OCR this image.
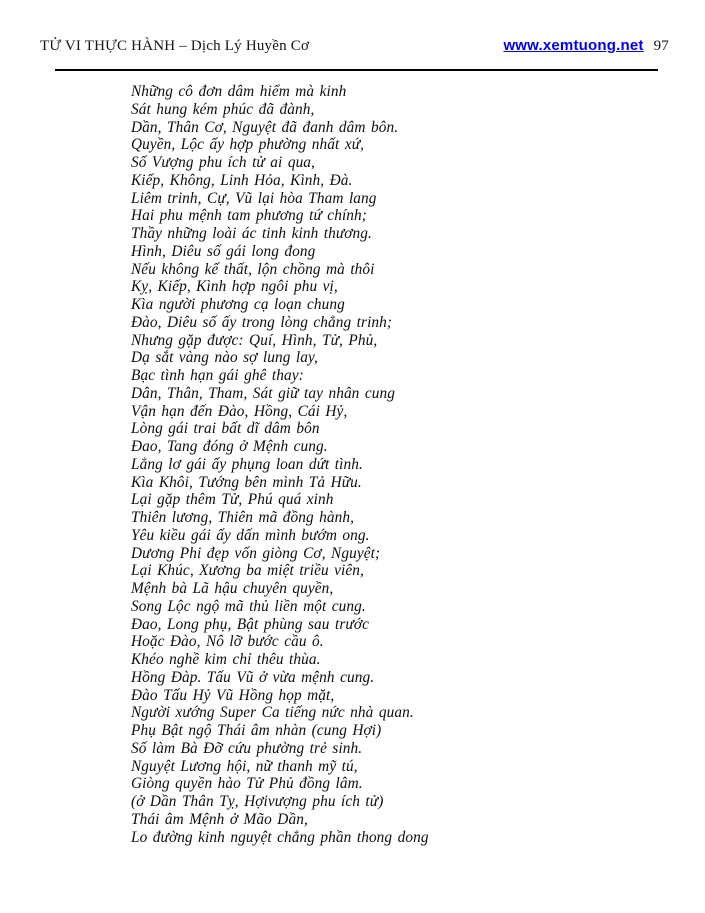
TỬ VI THỰC HÀNH – Dịch Lý Huyền Cơ	www.xemtuong.net 97
Những cô đơn dâm hiểm mà kinh
Sát hung kém phúc đã đành,
Dần, Thân Cơ, Nguyệt đã đanh dâm bôn.
Quyền, Lộc ấy hợp phường nhất xứ,
Số Vượng phu ích tử ai qua,
Kiếp, Không, Linh Hỏa, Kình, Đà.
Liêm trinh, Cự, Vũ lại hòa Tham lang
Hai phu mệnh tam phương tứ chính;
Thầy những loài ác tinh kinh thương.
Hình, Diêu số gái long đong
Nếu không kế thất, lộn chồng mà thôi
Kỵ, Kiếp, Kình hợp ngôi phu vị,
Kìa người phương cạ loạn chung
Đào, Diêu số ấy trong lòng chẳng trinh;
Nhưng gặp được: Quí, Hình, Tử, Phủ,
Dạ sắt vàng nào sợ lung lay,
Bạc tình hạn gái ghê thay:
Dân, Thân, Tham, Sát giữ tay nhân cung
Vận hạn đến Đào, Hồng, Cái Hỷ,
Lòng gái trai bất dĩ dâm bôn
Đao, Tang đóng ở Mệnh cung.
Lẳng lơ gái ấy phụng loan dứt tình.
Kìa Khôi, Tướng bên mình Tả Hữu.
Lại gặp thêm Tử, Phú quá xinh
Thiên lương, Thiên mã đồng hành,
Yêu kiều gái ấy dấn mình bướm ong.
Dương Phi đẹp vốn giòng Cơ, Nguyệt;
Lại Khúc, Xương ba miệt triều viên,
Mệnh bà Lã hậu chuyên quyền,
Song Lộc ngộ mã thủ liền một cung.
Đao, Long phụ, Bật phùng sau trước
Hoặc Đào, Nô lỡ bước cầu ô.
Khéo nghề kim chỉ thêu thùa.
Hồng Đàp. Tấu Vũ ở vừa mệnh cung.
Đào Tấu Hỷ Vũ Hồng họp mặt,
Người xướng Super Ca tiếng nức nhà quan.
Phụ Bật ngộ Thái âm nhàn (cung Hợi)
Số làm Bà Đỡ cứu phường trẻ sinh.
Nguyệt Lương hội, nữ thanh mỹ tú,
Giòng quyền hào Tử Phủ đồng lâm.
(ở Dần Thân Tỵ, Hợivượng phu ích tử)
Thái âm Mệnh ở Mão Dần,
Lo đường kinh nguyệt chẳng phần thong dong
